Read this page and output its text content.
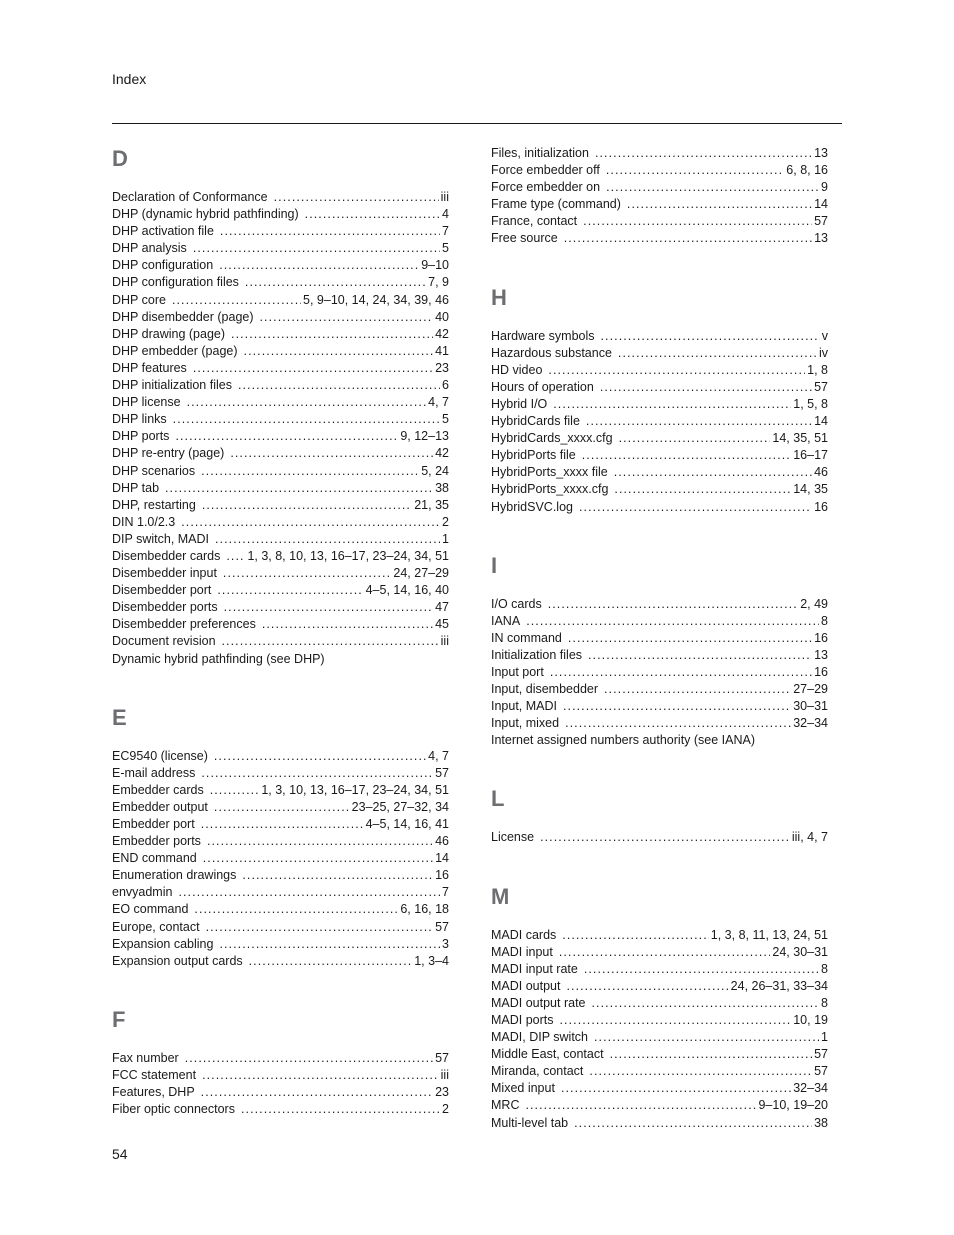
Index
D
Declaration of Conformance . . .	iii
DHP (dynamic hybrid pathfinding) . . .	4
DHP activation file . . .	7
DHP analysis . . .	5
DHP configuration . . .	9–10
DHP configuration files . . .	7, 9
DHP core . . .	5, 9–10, 14, 24, 34, 39, 46
DHP disembedder (page) . . .	40
DHP drawing (page) . . .	42
DHP embedder (page) . . .	41
DHP features . . .	23
DHP initialization files . . .	6
DHP license . . .	4, 7
DHP links . . .	5
DHP ports . . .	9, 12–13
DHP re-entry (page) . . .	42
DHP scenarios . . .	5, 24
DHP tab . . .	38
DHP, restarting . . .	21, 35
DIN 1.0/2.3 . . .	2
DIP switch, MADI . . .	1
Disembedder cards . . .	1, 3, 8, 10, 13, 16–17, 23–24, 34, 51
Disembedder input . . .	24, 27–29
Disembedder port . . .	4–5, 14, 16, 40
Disembedder ports . . .	47
Disembedder preferences . . .	45
Document revision . . .	iii
Dynamic hybrid pathfinding (see DHP)
E
EC9540 (license) . . .	4, 7
E-mail address . . .	57
Embedder cards . . .	1, 3, 10, 13, 16–17, 23–24, 34, 51
Embedder output . . .	23–25, 27–32, 34
Embedder port . . .	4–5, 14, 16, 41
Embedder ports . . .	46
END command . . .	14
Enumeration drawings . . .	16
envyadmin . . .	7
EO command . . .	6, 16, 18
Europe, contact . . .	57
Expansion cabling . . .	3
Expansion output cards . . .	1, 3–4
F
Fax number . . .	57
FCC statement . . .	iii
Features, DHP . . .	23
Fiber optic connectors . . .	2
Files, initialization . . .	13
Force embedder off . . .	6, 8, 16
Force embedder on . . .	9
Frame type (command) . . .	14
France, contact . . .	57
Free source . . .	13
H
Hardware symbols . . .	v
Hazardous substance . . .	iv
HD video . . .	1, 8
Hours of operation . . .	57
Hybrid I/O . . .	1, 5, 8
HybridCards file . . .	14
HybridCards_xxxx.cfg . . .	14, 35, 51
HybridPorts file . . .	16–17
HybridPorts_xxxx file . . .	46
HybridPorts_xxxx.cfg . . .	14, 35
HybridSVC.log . . .	16
I
I/O cards . . .	2, 49
IANA . . .	8
IN command . . .	16
Initialization files . . .	13
Input port . . .	16
Input, disembedder . . .	27–29
Input, MADI . . .	30–31
Input, mixed . . .	32–34
Internet assigned numbers authority (see IANA)
L
License . . .	iii, 4, 7
M
MADI cards . . .	1, 3, 8, 11, 13, 24, 51
MADI input . . .	24, 30–31
MADI input rate . . .	8
MADI output . . .	24, 26–31, 33–34
MADI output rate . . .	8
MADI ports . . .	10, 19
MADI, DIP switch . . .	1
Middle East, contact . . .	57
Miranda, contact . . .	57
Mixed input . . .	32–34
MRC . . .	9–10, 19–20
Multi-level tab . . .	38
54
